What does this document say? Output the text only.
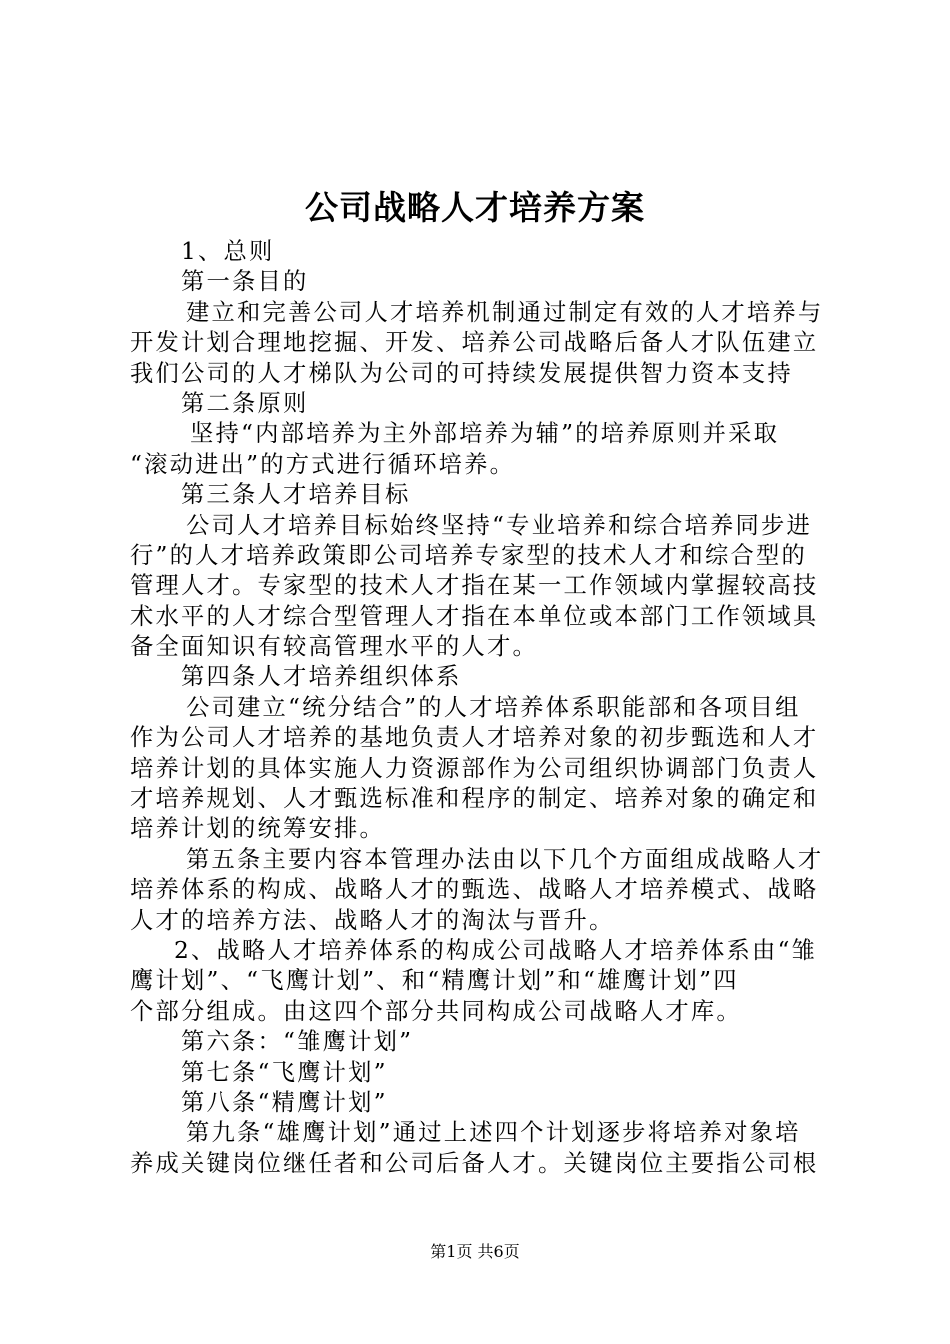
公司战略人才培养方案
1、总则
第一条目的
建立和完善公司人才培养机制通过制定有效的人才培养与
开发计划合理地挖掘、开发、培养公司战略后备人才队伍建立
我们公司的人才梯队为公司的可持续发展提供智力资本支持
第二条原则
坚持“内部培养为主外部培养为辅”的培养原则并采取
“滚动进出”的方式进行循环培养。
第三条人才培养目标
公司人才培养目标始终坚持“专业培养和综合培养同步进
行”的人才培养政策即公司培养专家型的技术人才和综合型的
管理人才。专家型的技术人才指在某一工作领域内掌握较高技
术水平的人才综合型管理人才指在本单位或本部门工作领域具
备全面知识有较高管理水平的人才。
第四条人才培养组织体系
公司建立“统分结合”的人才培养体系职能部和各项目组
作为公司人才培养的基地负责人才培养对象的初步甄选和人才
培养计划的具体实施人力资源部作为公司组织协调部门负责人
才培养规划、人才甄选标准和程序的制定、培养对象的确定和
培养计划的统筹安排。
第五条主要内容本管理办法由以下几个方面组成战略人才
培养体系的构成、战略人才的甄选、战略人才培养模式、战略
人才的培养方法、战略人才的淘汰与晋升。
2、战略人才培养体系的构成公司战略人才培养体系由“雏
鹰计划”、“飞鹰计划”、和“精鹰计划”和“雄鹰计划”四
个部分组成。由这四个部分共同构成公司战略人才库。
第六条：“雏鹰计划”
第七条“飞鹰计划”
第八条“精鹰计划”
第九条“雄鹰计划”通过上述四个计划逐步将培养对象培
养成关键岗位继任者和公司后备人才。关键岗位主要指公司根
第1页 共6页
